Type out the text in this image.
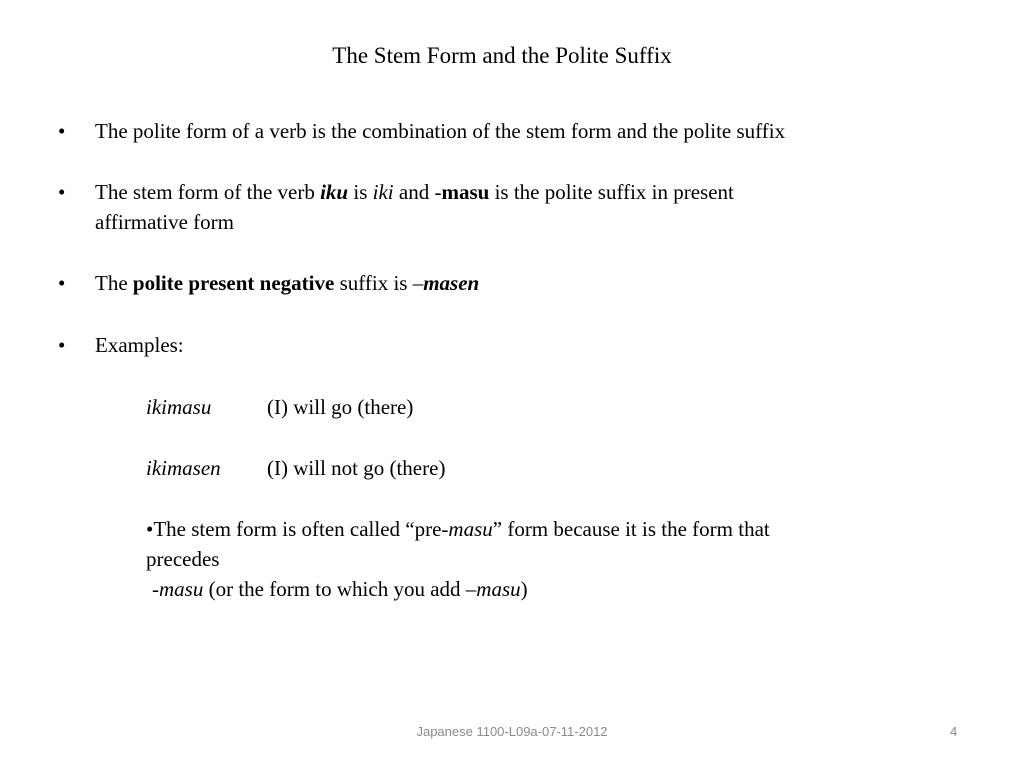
The Stem Form and the Polite Suffix
• The polite form of a verb is the combination of the stem form and the polite suffix
• The stem form of the verb iku is iki and -masu is the polite suffix in present
affirmative form
• The polite present negative suffix is –masen
• Examples:
ikimasu	(I) will go (there)
ikimasen (I) will not go (there)
•The stem form is often called “pre-masu” form because it is the form that
precedes
-masu (or the form to which you add –masu)
Japanese 1100-L09a-07-11-2012	4
